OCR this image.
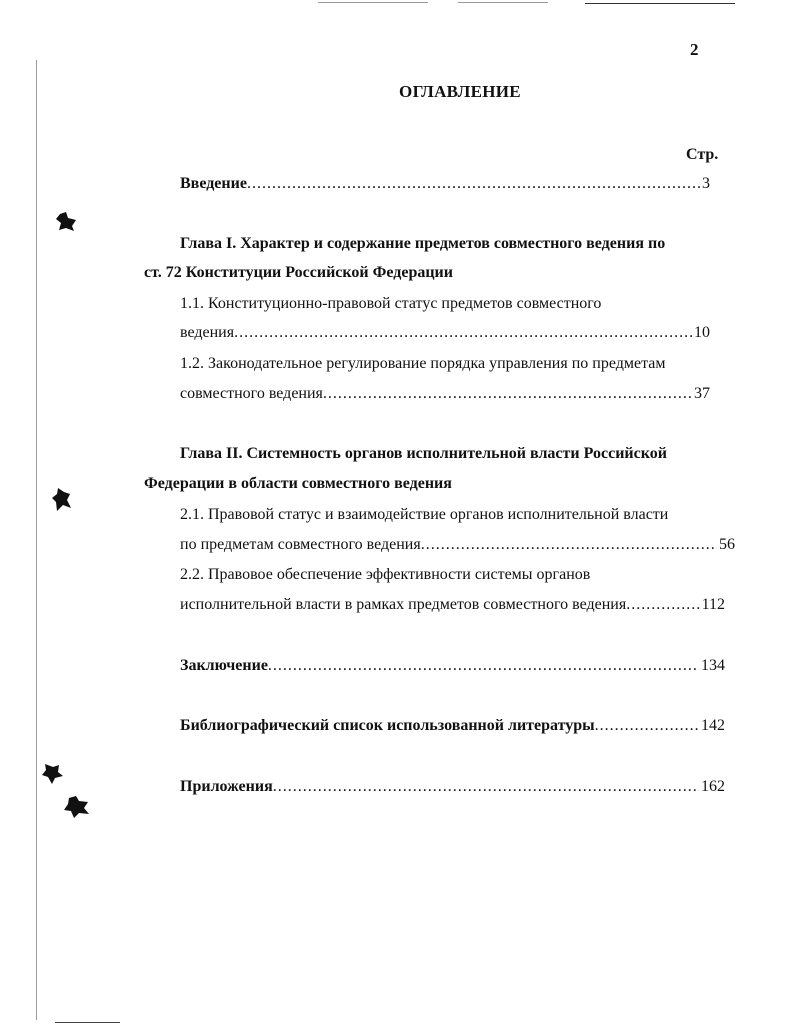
2
ОГЛАВЛЕНИЕ
Стр.
Введение .....	3
Глава I. Характер и содержание предметов совместного ведения по
ст. 72 Конституции Российской Федерации
1.1. Конституционно-правовой статус предметов совместного
ведения .....	10
1.2. Законодательное регулирование порядка управления по предметам
совместного ведения .....	37
Глава II. Системность органов исполнительной власти Российской
Федерации в области совместного ведения
2.1. Правовой статус и взаимодействие органов исполнительной власти
по предметам совместного ведения .....	56
2.2. Правовое обеспечение эффективности системы органов
исполнительной власти в рамках предметов совместного ведения .....	112
Заключение .....	134
Библиографический список использованной литературы .....	142
Приложения .....	162
